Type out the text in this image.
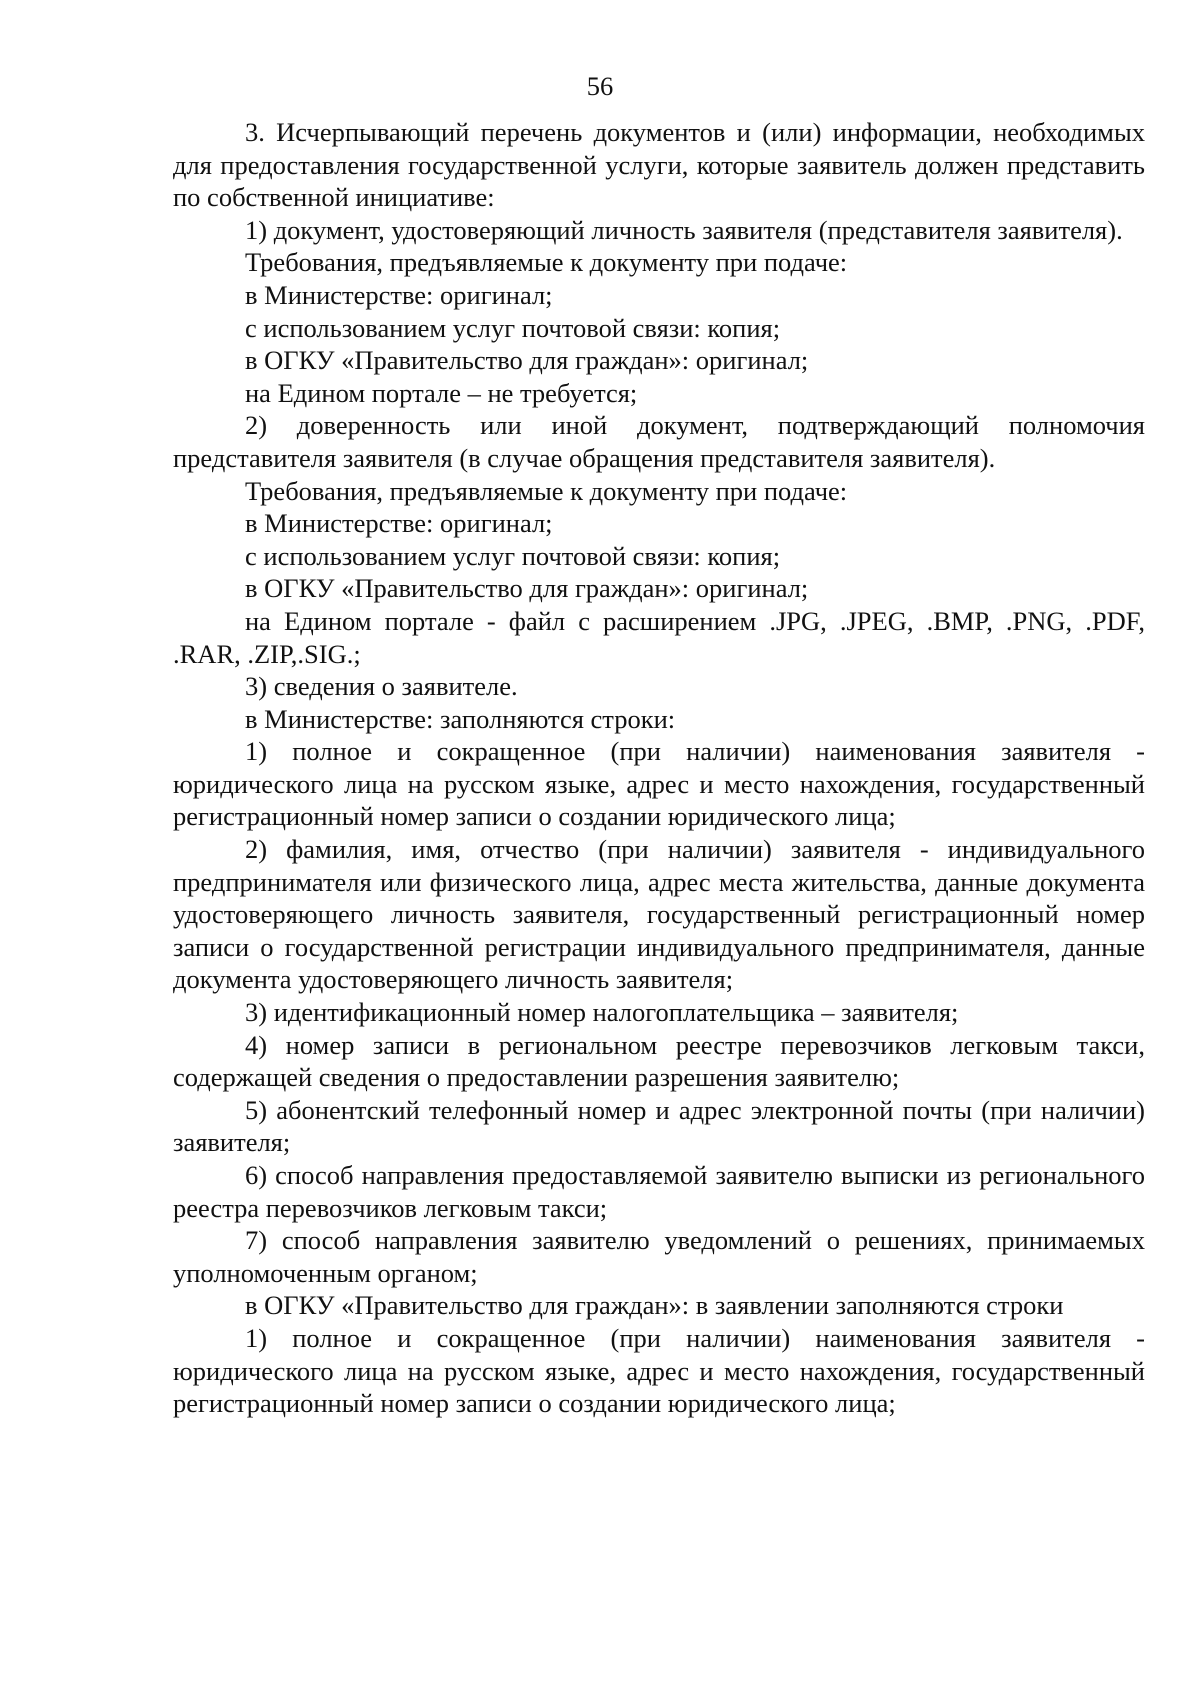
56

3. Исчерпывающий перечень документов и (или) информации, необходимых для предоставления государственной услуги, которые заявитель должен представить по собственной инициативе:

1) документ, удостоверяющий личность заявителя (представителя заявителя).

Требования, предъявляемые к документу при подаче:

в Министерстве: оригинал;

с использованием услуг почтовой связи: копия;

в ОГКУ «Правительство для граждан»: оригинал;

на Едином портале – не требуется;

2) доверенность или иной документ, подтверждающий полномочия представителя заявителя (в случае обращения представителя заявителя).

Требования, предъявляемые к документу при подаче:

в Министерстве: оригинал;

с использованием услуг почтовой связи: копия;

в ОГКУ «Правительство для граждан»: оригинал;

на Едином портале - файл с расширением .JPG, .JPEG, .BMP, .PNG, .PDF, .RAR, .ZIP,.SIG.;

3) сведения о заявителе.

в Министерстве: заполняются строки:

1) полное и сокращенное (при наличии) наименования заявителя - юридического лица на русском языке, адрес и место нахождения, государственный регистрационный номер записи о создании юридического лица;

2) фамилия, имя, отчество (при наличии) заявителя - индивидуального предпринимателя или физического лица, адрес места жительства, данные документа удостоверяющего личность заявителя, государственный регистрационный номер записи о государственной регистрации индивидуального предпринимателя, данные документа удостоверяющего личность заявителя;

3) идентификационный номер налогоплательщика – заявителя;

4) номер записи в региональном реестре перевозчиков легковым такси, содержащей сведения о предоставлении разрешения заявителю;

5) абонентский телефонный номер и адрес электронной почты (при наличии) заявителя;

6) способ направления предоставляемой заявителю выписки из регионального реестра перевозчиков легковым такси;

7) способ направления заявителю уведомлений о решениях, принимаемых уполномоченным органом;

в ОГКУ «Правительство для граждан»: в заявлении заполняются строки

1) полное и сокращенное (при наличии) наименования заявителя - юридического лица на русском языке, адрес и место нахождения, государственный регистрационный номер записи о создании юридического лица;
